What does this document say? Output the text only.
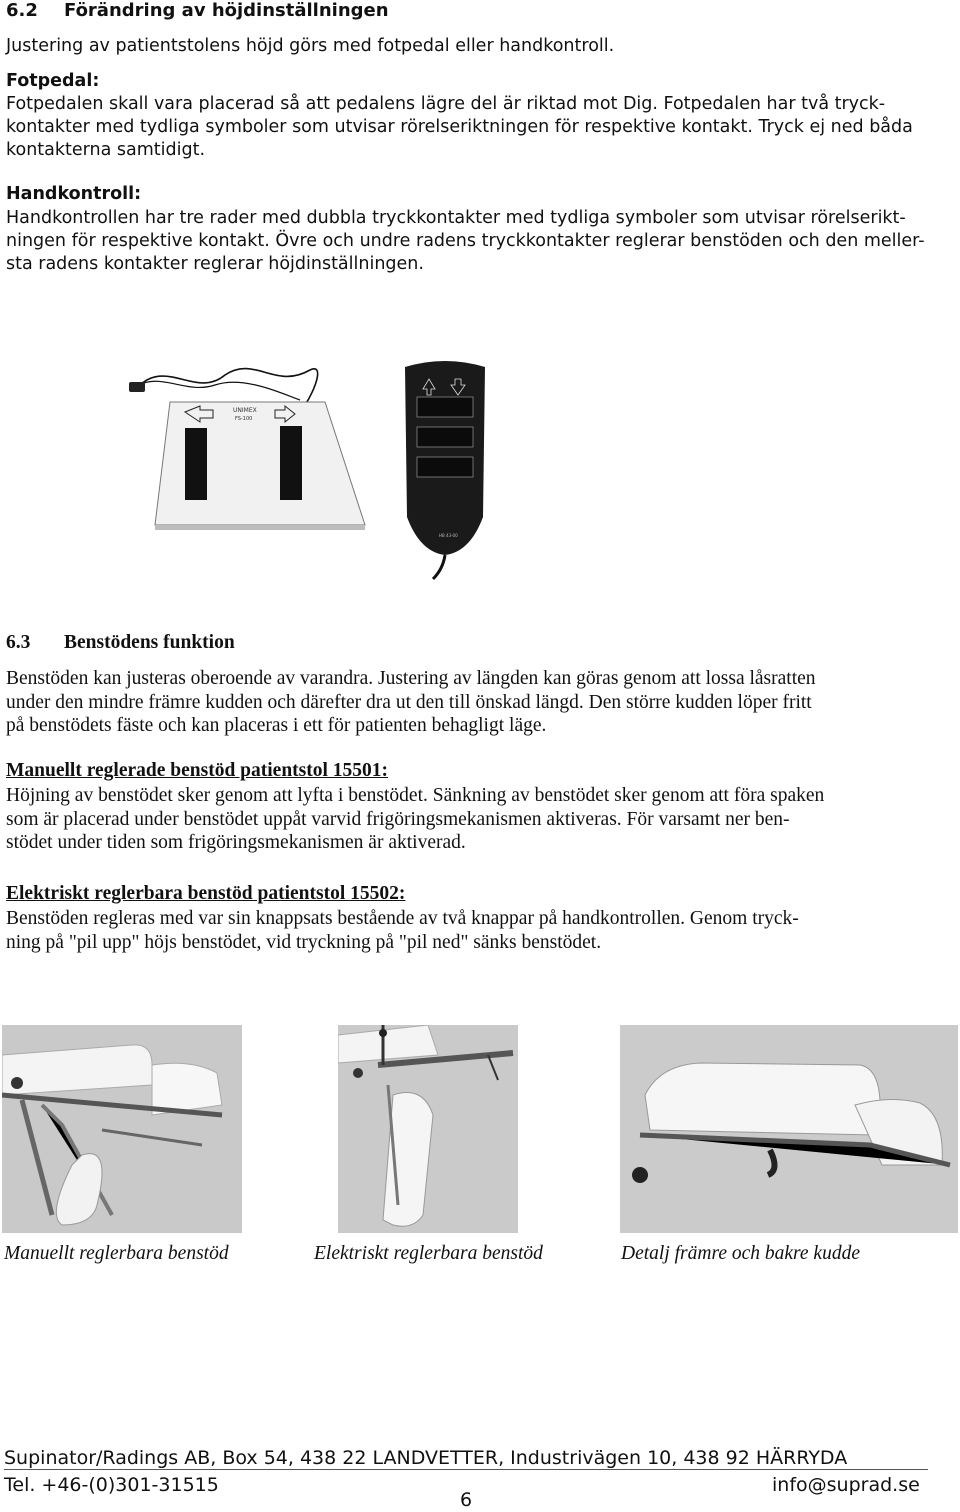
6.2 Förändring av höjdinställningen
Justering av patientstolens höjd görs med fotpedal eller handkontroll.
Fotpedal:
Fotpedalen skall vara placerad så att pedalens lägre del är riktad mot Dig. Fotpedalen har två tryck-
kontakter med tydliga symboler som utvisar rörelseriktningen för respektive kontakt. Tryck ej ned båda
kontakterna samtidigt.
Handkontroll:
Handkontrollen har tre rader med dubbla tryckkontakter med tydliga symboler som utvisar rörelserikt-
ningen för respektive kontakt. Övre och undre radens tryckkontakter reglerar benstöden och den meller-
sta radens kontakter reglerar höjdinställningen.
UNIMEX
FS-100
HB 43-00
6.3 Benstödens funktion
Benstöden kan justeras oberoende av varandra. Justering av längden kan göras genom att lossa låsratten
under den mindre främre kudden och därefter dra ut den till önskad längd. Den större kudden löper fritt
på benstödets fäste och kan placeras i ett för patienten behagligt läge.
Manuellt reglerade benstöd patientstol 15501:
Höjning av benstödet sker genom att lyfta i benstödet. Sänkning av benstödet sker genom att föra spaken
som är placerad under benstödet uppåt varvid frigöringsmekanismen aktiveras. För varsamt ner ben-
stödet under tiden som frigöringsmekanismen är aktiverad.
Elektriskt reglerbara benstöd patientstol 15502:
Benstöden regleras med var sin knappsats bestående av två knappar på handkontrollen. Genom tryck-
ning på "pil upp" höjs benstödet, vid tryckning på "pil ned" sänks benstödet.
Manuellt reglerbara benstöd	Elektriskt reglerbara benstöd	Detalj främre och bakre kudde
Supinator/Radings AB, Box 54, 438 22 LANDVETTER, Industrivägen 10, 438 92 HÄRRYDA
Tel. +46-(0)301-31515	info@suprad.se
6
